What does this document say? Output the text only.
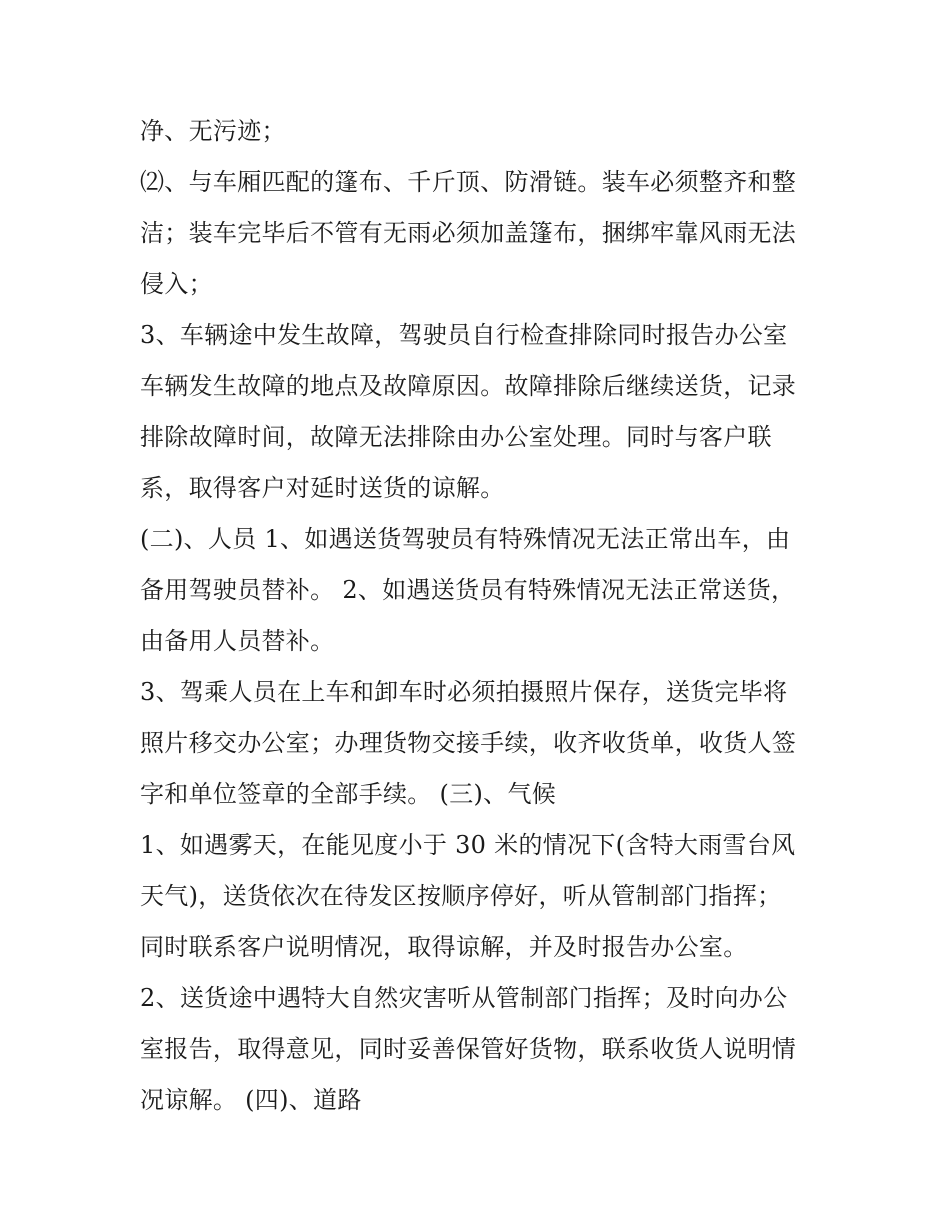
净、无污迹；
⑵、与车厢匹配的篷布、千斤顶、防滑链。装车必须整齐和整
洁；装车完毕后不管有无雨必须加盖篷布，捆绑牢靠风雨无法
侵入；
3、车辆途中发生故障，驾驶员自行检查排除同时报告办公室
车辆发生故障的地点及故障原因。故障排除后继续送货，记录
排除故障时间，故障无法排除由办公室处理。同时与客户联
系，取得客户对延时送货的谅解。
(二)、人员 1、如遇送货驾驶员有特殊情况无法正常出车，由
备用驾驶员替补。 2、如遇送货员有特殊情况无法正常送货，
由备用人员替补。
3、驾乘人员在上车和卸车时必须拍摄照片保存，送货完毕将
照片移交办公室；办理货物交接手续，收齐收货单，收货人签
字和单位签章的全部手续。 (三)、气候
1、如遇雾天，在能见度小于 30 米的情况下(含特大雨雪台风
天气)，送货依次在待发区按顺序停好，听从管制部门指挥；
同时联系客户说明情况，取得谅解，并及时报告办公室。
2、送货途中遇特大自然灾害听从管制部门指挥；及时向办公
室报告，取得意见，同时妥善保管好货物，联系收货人说明情
况谅解。 (四)、道路
